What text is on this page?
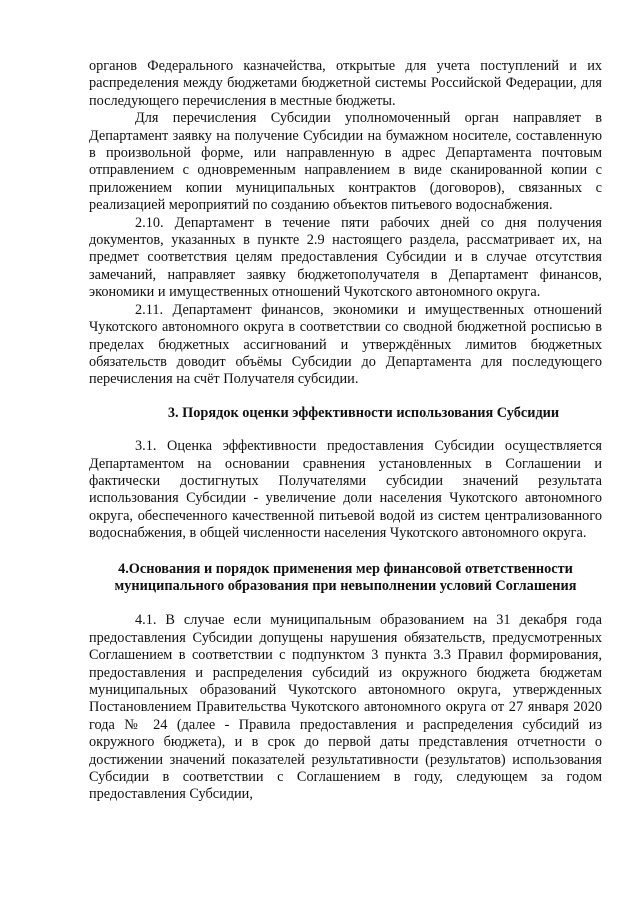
органов Федерального казначейства, открытые для учета поступлений и их распределения между бюджетами бюджетной системы Российской Федерации, для последующего перечисления в местные бюджеты.

Для перечисления Субсидии уполномоченный орган направляет в Департамент заявку на получение Субсидии на бумажном носителе, составленную в произвольной форме, или направленную в адрес Департамента почтовым отправлением с одновременным направлением в виде сканированной копии с приложением копии муниципальных контрактов (договоров), связанных с реализацией мероприятий по созданию объектов питьевого водоснабжения.

2.10. Департамент в течение пяти рабочих дней со дня получения документов, указанных в пункте 2.9 настоящего раздела, рассматривает их, на предмет соответствия целям предоставления Субсидии и в случае отсутствия замечаний, направляет заявку бюджетополучателя в Департамент финансов, экономики и имущественных отношений Чукотского автономного округа.

2.11. Департамент финансов, экономики и имущественных отношений Чукотского автономного округа в соответствии со сводной бюджетной росписью в пределах бюджетных ассигнований и утверждённых лимитов бюджетных обязательств доводит объёмы Субсидии до Департамента для последующего перечисления на счёт Получателя субсидии.

3. Порядок оценки эффективности использования Субсидии

3.1. Оценка эффективности предоставления Субсидии осуществляется Департаментом на основании сравнения установленных в Соглашении и фактически достигнутых Получателями субсидии значений результата использования Субсидии - увеличение доли населения Чукотского автономного округа, обеспеченного качественной питьевой водой из систем централизованного водоснабжения, в общей численности населения Чукотского автономного округа.

4.Основания и порядок применения мер финансовой ответственности
муниципального образования при невыполнении условий Соглашения

4.1. В случае если муниципальным образованием на 31 декабря года предоставления Субсидии допущены нарушения обязательств, предусмотренных Соглашением в соответствии с подпунктом 3 пункта 3.3 Правил формирования, предоставления и распределения субсидий из окружного бюджета бюджетам муниципальных образований Чукотского автономного округа, утвержденных Постановлением Правительства Чукотского автономного округа от 27 января 2020 года № 24 (далее - Правила предоставления и распределения субсидий из окружного бюджета), и в срок до первой даты представления отчетности о достижении значений показателей результативности (результатов) использования Субсидии в соответствии с Соглашением в году, следующем за годом предоставления Субсидии,
